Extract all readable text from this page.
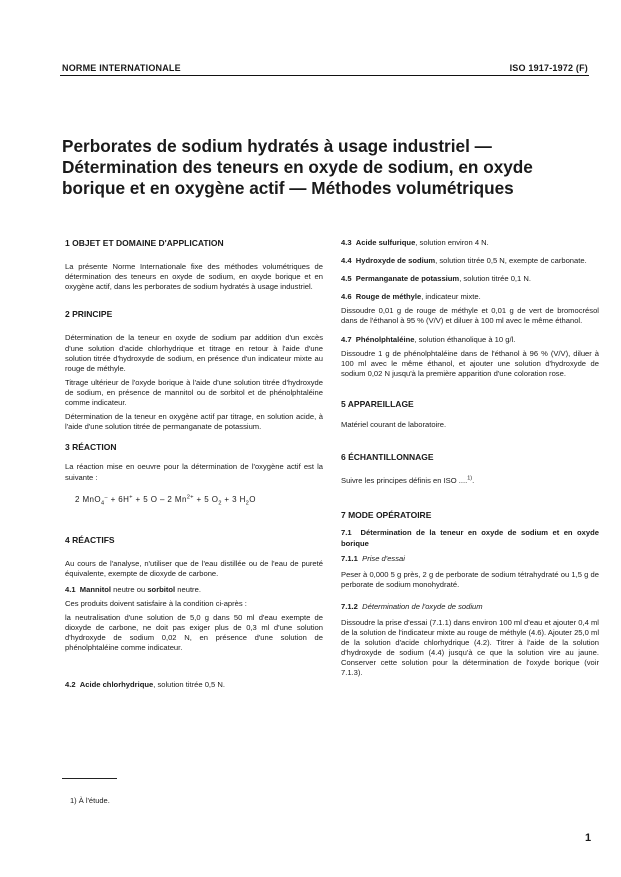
NORME INTERNATIONALE	ISO 1917-1972 (F)
Perborates de sodium hydratés à usage industriel —
Détermination des teneurs en oxyde de sodium, en oxyde
borique et en oxygène actif — Méthodes volumétriques

1 OBJET ET DOMAINE D'APPLICATION

La présente Norme Internationale fixe des méthodes volumétriques de détermination des teneurs en oxyde de sodium, en oxyde borique et en oxygène actif, dans les perborates de sodium hydratés à usage industriel.

2 PRINCIPE

Détermination de la teneur en oxyde de sodium par addition d'un excès d'une solution d'acide chlorhydrique et titrage en retour à l'aide d'une solution titrée d'hydroxyde de sodium, en présence d'un indicateur mixte au rouge de méthyle.

Titrage ultérieur de l'oxyde borique à l'aide d'une solution titrée d'hydroxyde de sodium, en présence de mannitol ou de sorbitol et de phénolphtaléine comme indicateur.

Détermination de la teneur en oxygène actif par titrage, en solution acide, à l'aide d'une solution titrée de permanganate de potassium.

3 RÉACTION

La réaction mise en oeuvre pour la détermination de l'oxygène actif est la suivante :

2 MnO$_4$– + 6H+ + 5 O – 2 $Mn^{2+} + 5$ $O_2 + 3$ $H_2O$

4 RÉACTIFS

Au cours de l'analyse, n'utiliser que de l'eau distillée ou de l'eau de pureté équivalente, exempte de dioxyde de carbone.

4.1 Mannitol neutre ou sorbitol neutre.

Ces produits doivent satisfaire à la condition ci-après :

la neutralisation d'une solution de 5,0 g dans 50 ml d'eau exempte de dioxyde de carbone, ne doit pas exiger plus de 0,3 ml d'une solution d'hydroxyde de sodium 0,02 N, en présence d'une solution de phénolphtaléine comme indicateur.

4.2 Acide chlorhydrique, solution titrée 0,5 N.

4.3 Acide sulfurique, solution environ 4 N.

4.4 Hydroxyde de sodium, solution titrée 0,5 N, exempte de carbonate.

4.5 Permanganate de potassium, solution titrée 0,1 N.

4.6 Rouge de méthyle, indicateur mixte.

Dissoudre 0,01 g de rouge de méthyle et 0,01 g de vert de bromocrésol dans de l'éthanol à 95 % (V/V) et diluer à 100 ml avec le même éthanol.

4.7 Phénolphtaléine, solution éthanolique à 10 g/l.

Dissoudre 1 g de phénolphtaléine dans de l'éthanol à 96 % (V/V), diluer à 100 ml avec le même éthanol, et ajouter une solution d'hydroxyde de sodium 0,02 N jusqu'à la première apparition d'une coloration rose.

5 APPAREILLAGE

Matériel courant de laboratoire.

6 ÉCHANTILLONNAGE

Suivre les principes définis en ISO ....$^{1)}$.

7 MODE OPÉRATOIRE

7.1 Détermination de la teneur en oxyde de sodium et en oxyde borique

7.1.1 Prise d'essai

Peser à 0,000 5 g près, 2 g de perborate de sodium tétrahydraté ou 1,5 g de perborate de sodium monohydraté.

7.1.2 Détermination de l'oxyde de sodium

Dissoudre la prise d'essai (7.1.1) dans environ 100 ml d'eau et ajouter 0,4 ml de la solution de l'indicateur mixte au rouge de méthyle (4.6). Ajouter 25,0 ml de la solution d'acide chlorhydrique (4.2). Titrer à l'aide de la solution d'hydroxyde de sodium (4.4) jusqu'à ce que la solution vire au jaune. Conserver cette solution pour la détermination de l'oxyde borique (voir 7.1.3).

1) À l'étude.
1
